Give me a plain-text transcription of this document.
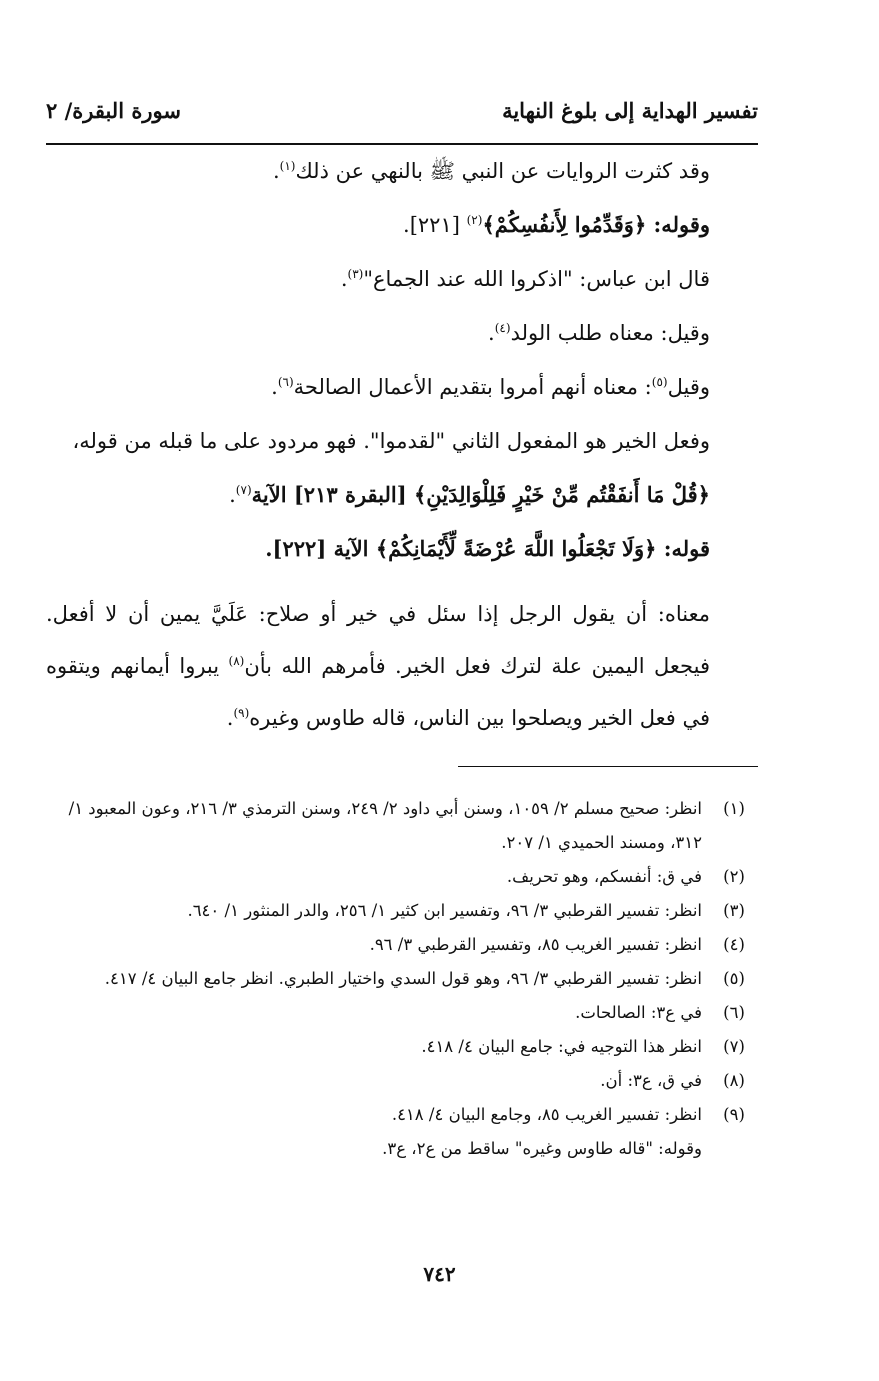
تفسير الهداية إلى بلوغ النهاية
سورة البقرة/ ٢

وقد كثرت الروايات عن النبي ﷺ بالنهي عن ذلك$^{(١)}$.

وقوله: ﴿وَقَدِّمُوا لِأَنفُسِكُمْ﴾$^{(٢)}$ [٢٢١].

قال ابن عباس: "اذكروا الله عند الجماع"$^{(٣)}$.

وقيل: معناه طلب الولد$^{(٤)}$.

وقيل$^{(٥)}$: معناه أنهم أمروا بتقديم الأعمال الصالحة$^{(٦)}$.

وفعل الخير هو المفعول الثاني "لقدموا". فهو مردود على ما قبله من قوله،

﴿قُلْ مَا أَنفَقْتُم مِّنْ خَيْرٍ فَلِلْوَالِدَيْنِ﴾ [البقرة ٢١٣] الآية$^{(٧)}$.

قوله: ﴿وَلَا تَجْعَلُوا اللَّهَ عُرْضَةً لِّأَيْمَانِكُمْ﴾ الآية [٢٢٢].

معناه: أن يقول الرجل إذا سئل في خير أو صلاح: عَلَيَّ يمين أن لا أفعل. فيجعل اليمين علة لترك فعل الخير. فأمرهم الله بأن$^{(٨)}$ يبروا أيمانهم ويتقوه في فعل الخير ويصلحوا بين الناس، قاله طاوس وغيره$^{(٩)}$.

(١)
انظر: صحيح مسلم ٢/ ١٠٥٩، وسنن أبي داود ٢/ ٢٤٩، وسنن الترمذي ٣/ ٢١٦، وعون المعبود ١/ ٣١٢، ومسند الحميدي ١/ ٢٠٧.
(٢)
في ق: أنفسكم، وهو تحريف.
(٣)
انظر: تفسير القرطبي ٣/ ٩٦، وتفسير ابن كثير ١/ ٢٥٦، والدر المنثور ١/ ٦٤٠.
(٤)
انظر: تفسير الغريب ٨٥، وتفسير القرطبي ٣/ ٩٦.
(٥)
انظر: تفسير القرطبي ٣/ ٩٦، وهو قول السدي واختيار الطبري. انظر جامع البيان ٤/ ٤١٧.
(٦)
في ع٣: الصالحات.
(٧)
انظر هذا التوجيه في: جامع البيان ٤/ ٤١٨.
(٨)
في ق، ع٣: أن.
(٩)
انظر: تفسير الغريب ٨٥، وجامع البيان ٤/ ٤١٨.
وقوله: "قاله طاوس وغيره" ساقط من ع٢، ع٣.
٧٤٢
